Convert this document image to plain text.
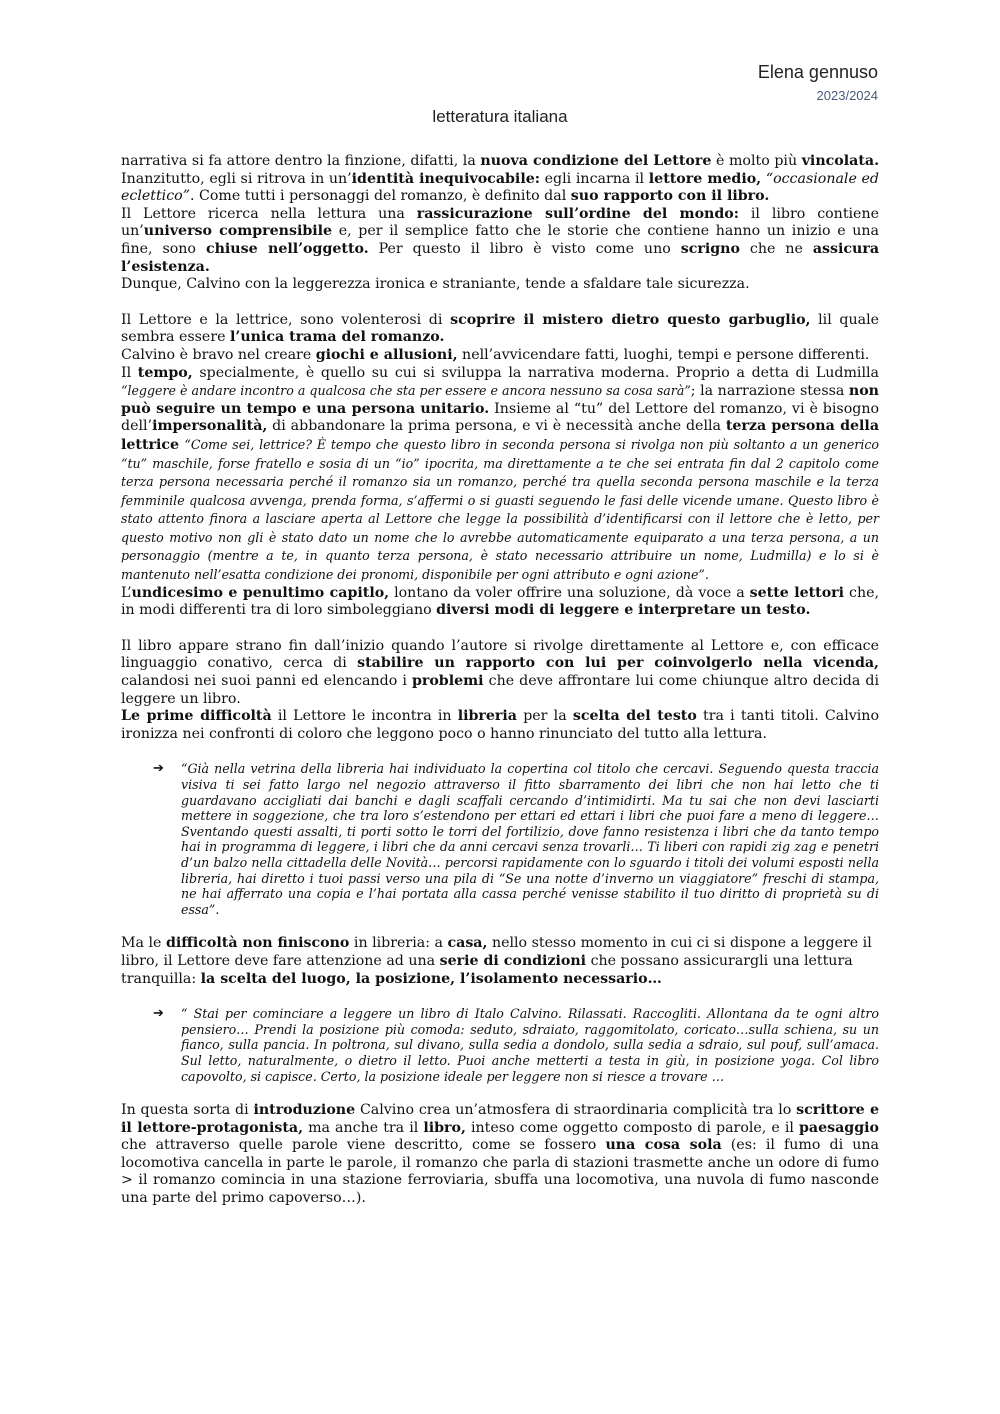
Elena gennuso
2023/2024
letteratura italiana

narrativa si fa attore dentro la finzione, difatti, la nuova condizione del Lettore è molto più vincolata. Inanzitutto, egli si ritrova in un’identità inequivocabile: egli incarna il lettore medio, “occasionale ed eclettico”. Come tutti i personaggi del romanzo, è definito dal suo rapporto con il libro.

Il Lettore ricerca nella lettura una rassicurazione sull’ordine del mondo: il libro contiene un’universo comprensibile e, per il semplice fatto che le storie che contiene hanno un inizio e una fine, sono chiuse nell’oggetto. Per questo il libro è visto come uno scrigno che ne assicura l’esistenza.

Dunque, Calvino con la leggerezza ironica e straniante, tende a sfaldare tale sicurezza.

Il Lettore e la lettrice, sono volenterosi di scoprire il mistero dietro questo garbuglio, lil quale sembra essere l’unica trama del romanzo.

Calvino è bravo nel creare giochi e allusioni, nell’avvicendare fatti, luoghi, tempi e persone differenti.

Il tempo, specialmente, è quello su cui si sviluppa la narrativa moderna. Proprio a detta di Ludmilla “leggere è andare incontro a qualcosa che sta per essere e ancora nessuno sa cosa sarà”; la narrazione stessa non può seguire un tempo e una persona unitario. Insieme al “tu” del Lettore del romanzo, vi è bisogno dell’impersonalità, di abbandonare la prima persona, e vi è necessità anche della terza persona della lettrice “Come sei, lettrice? È tempo che questo libro in seconda persona si rivolga non più soltanto a un generico “tu” maschile, forse fratello e sosia di un “io” ipocrita, ma direttamente a te che sei entrata fin dal 2 capitolo come terza persona necessaria perché il romanzo sia un romanzo, perché tra quella seconda persona maschile e la terza femminile qualcosa avvenga, prenda forma, s’affermi o si guasti seguendo le fasi delle vicende umane. Questo libro è stato attento finora a lasciare aperta al Lettore che legge la possibilità d’identificarsi con il lettore che è letto, per questo motivo non gli è stato dato un nome che lo avrebbe automaticamente equiparato a una terza persona, a un personaggio (mentre a te, in quanto terza persona, è stato necessario attribuire un nome, Ludmilla) e lo si è mantenuto nell’esatta condizione dei pronomi, disponibile per ogni attributo e ogni azione”.

L’undicesimo e penultimo capitlo, lontano da voler offrire una soluzione, dà voce a sette lettori che, in modi differenti tra di loro simboleggiano diversi modi di leggere e interpretare un testo.

Il libro appare strano fin dall’inizio quando l’autore si rivolge direttamente al Lettore e, con efficace linguaggio conativo, cerca di stabilire un rapporto con lui per coinvolgerlo nella vicenda, calandosi nei suoi panni ed elencando i problemi che deve affrontare lui come chiunque altro decida di leggere un libro.

Le prime difficoltà il Lettore le incontra in libreria per la scelta del testo tra i tanti titoli. Calvino ironizza nei confronti di coloro che leggono poco o hanno rinunciato del tutto alla lettura.

➔	“Già nella vetrina della libreria hai individuato la copertina col titolo che cercavi. Seguendo questa traccia visiva ti sei fatto largo nel negozio attraverso il fitto sbarramento dei libri che non hai letto che ti guardavano accigliati dai banchi e dagli scaffali cercando d’intimidirti. Ma tu sai che non devi lasciarti mettere in soggezione, che tra loro s’estendono per ettari ed ettari i libri che puoi fare a meno di leggere… Sventando questi assalti, ti porti sotto le torri del fortilizio, dove fanno resistenza i libri che da tanto tempo hai in programma di leggere, i libri che da anni cercavi senza trovarli… Ti liberi con rapidi zig zag e penetri d’un balzo nella cittadella delle Novità… percorsi rapidamente con lo sguardo i titoli dei volumi esposti nella libreria, hai diretto i tuoi passi verso una pila di “Se una notte d’inverno un viaggiatore” freschi di stampa, ne hai afferrato una copia e l’hai portata alla cassa perché venisse stabilito il tuo diritto di proprietà su di essa”.

Ma le difficoltà non finiscono in libreria: a casa, nello stesso momento in cui ci si dispone a leggere il libro, il Lettore deve fare attenzione ad una serie di condizioni che possano assicurargli una lettura tranquilla: la scelta del luogo, la posizione, l’isolamento necessario…

➔	“ Stai per cominciare a leggere un libro di Italo Calvino. Rilassati. Raccogliti. Allontana da te ogni altro pensiero… Prendi la posizione più comoda: seduto, sdraiato, raggomitolato, coricato…sulla schiena, su un fianco, sulla pancia. In poltrona, sul divano, sulla sedia a dondolo, sulla sedia a sdraio, sul pouf, sull’amaca. Sul letto, naturalmente, o dietro il letto. Puoi anche metterti a testa in giù, in posizione yoga. Col libro capovolto, si capisce. Certo, la posizione ideale per leggere non si riesce a trovare …

In questa sorta di introduzione Calvino crea un’atmosfera di straordinaria complicità tra lo scrittore e il lettore-protagonista, ma anche tra il libro, inteso come oggetto composto di parole, e il paesaggio che attraverso quelle parole viene descritto, come se fossero una cosa sola (es: il fumo di una locomotiva cancella in parte le parole, il romanzo che parla di stazioni trasmette anche un odore di fumo > il romanzo comincia in una stazione ferroviaria, sbuffa una locomotiva, una nuvola di fumo nasconde una parte del primo capoverso…).
